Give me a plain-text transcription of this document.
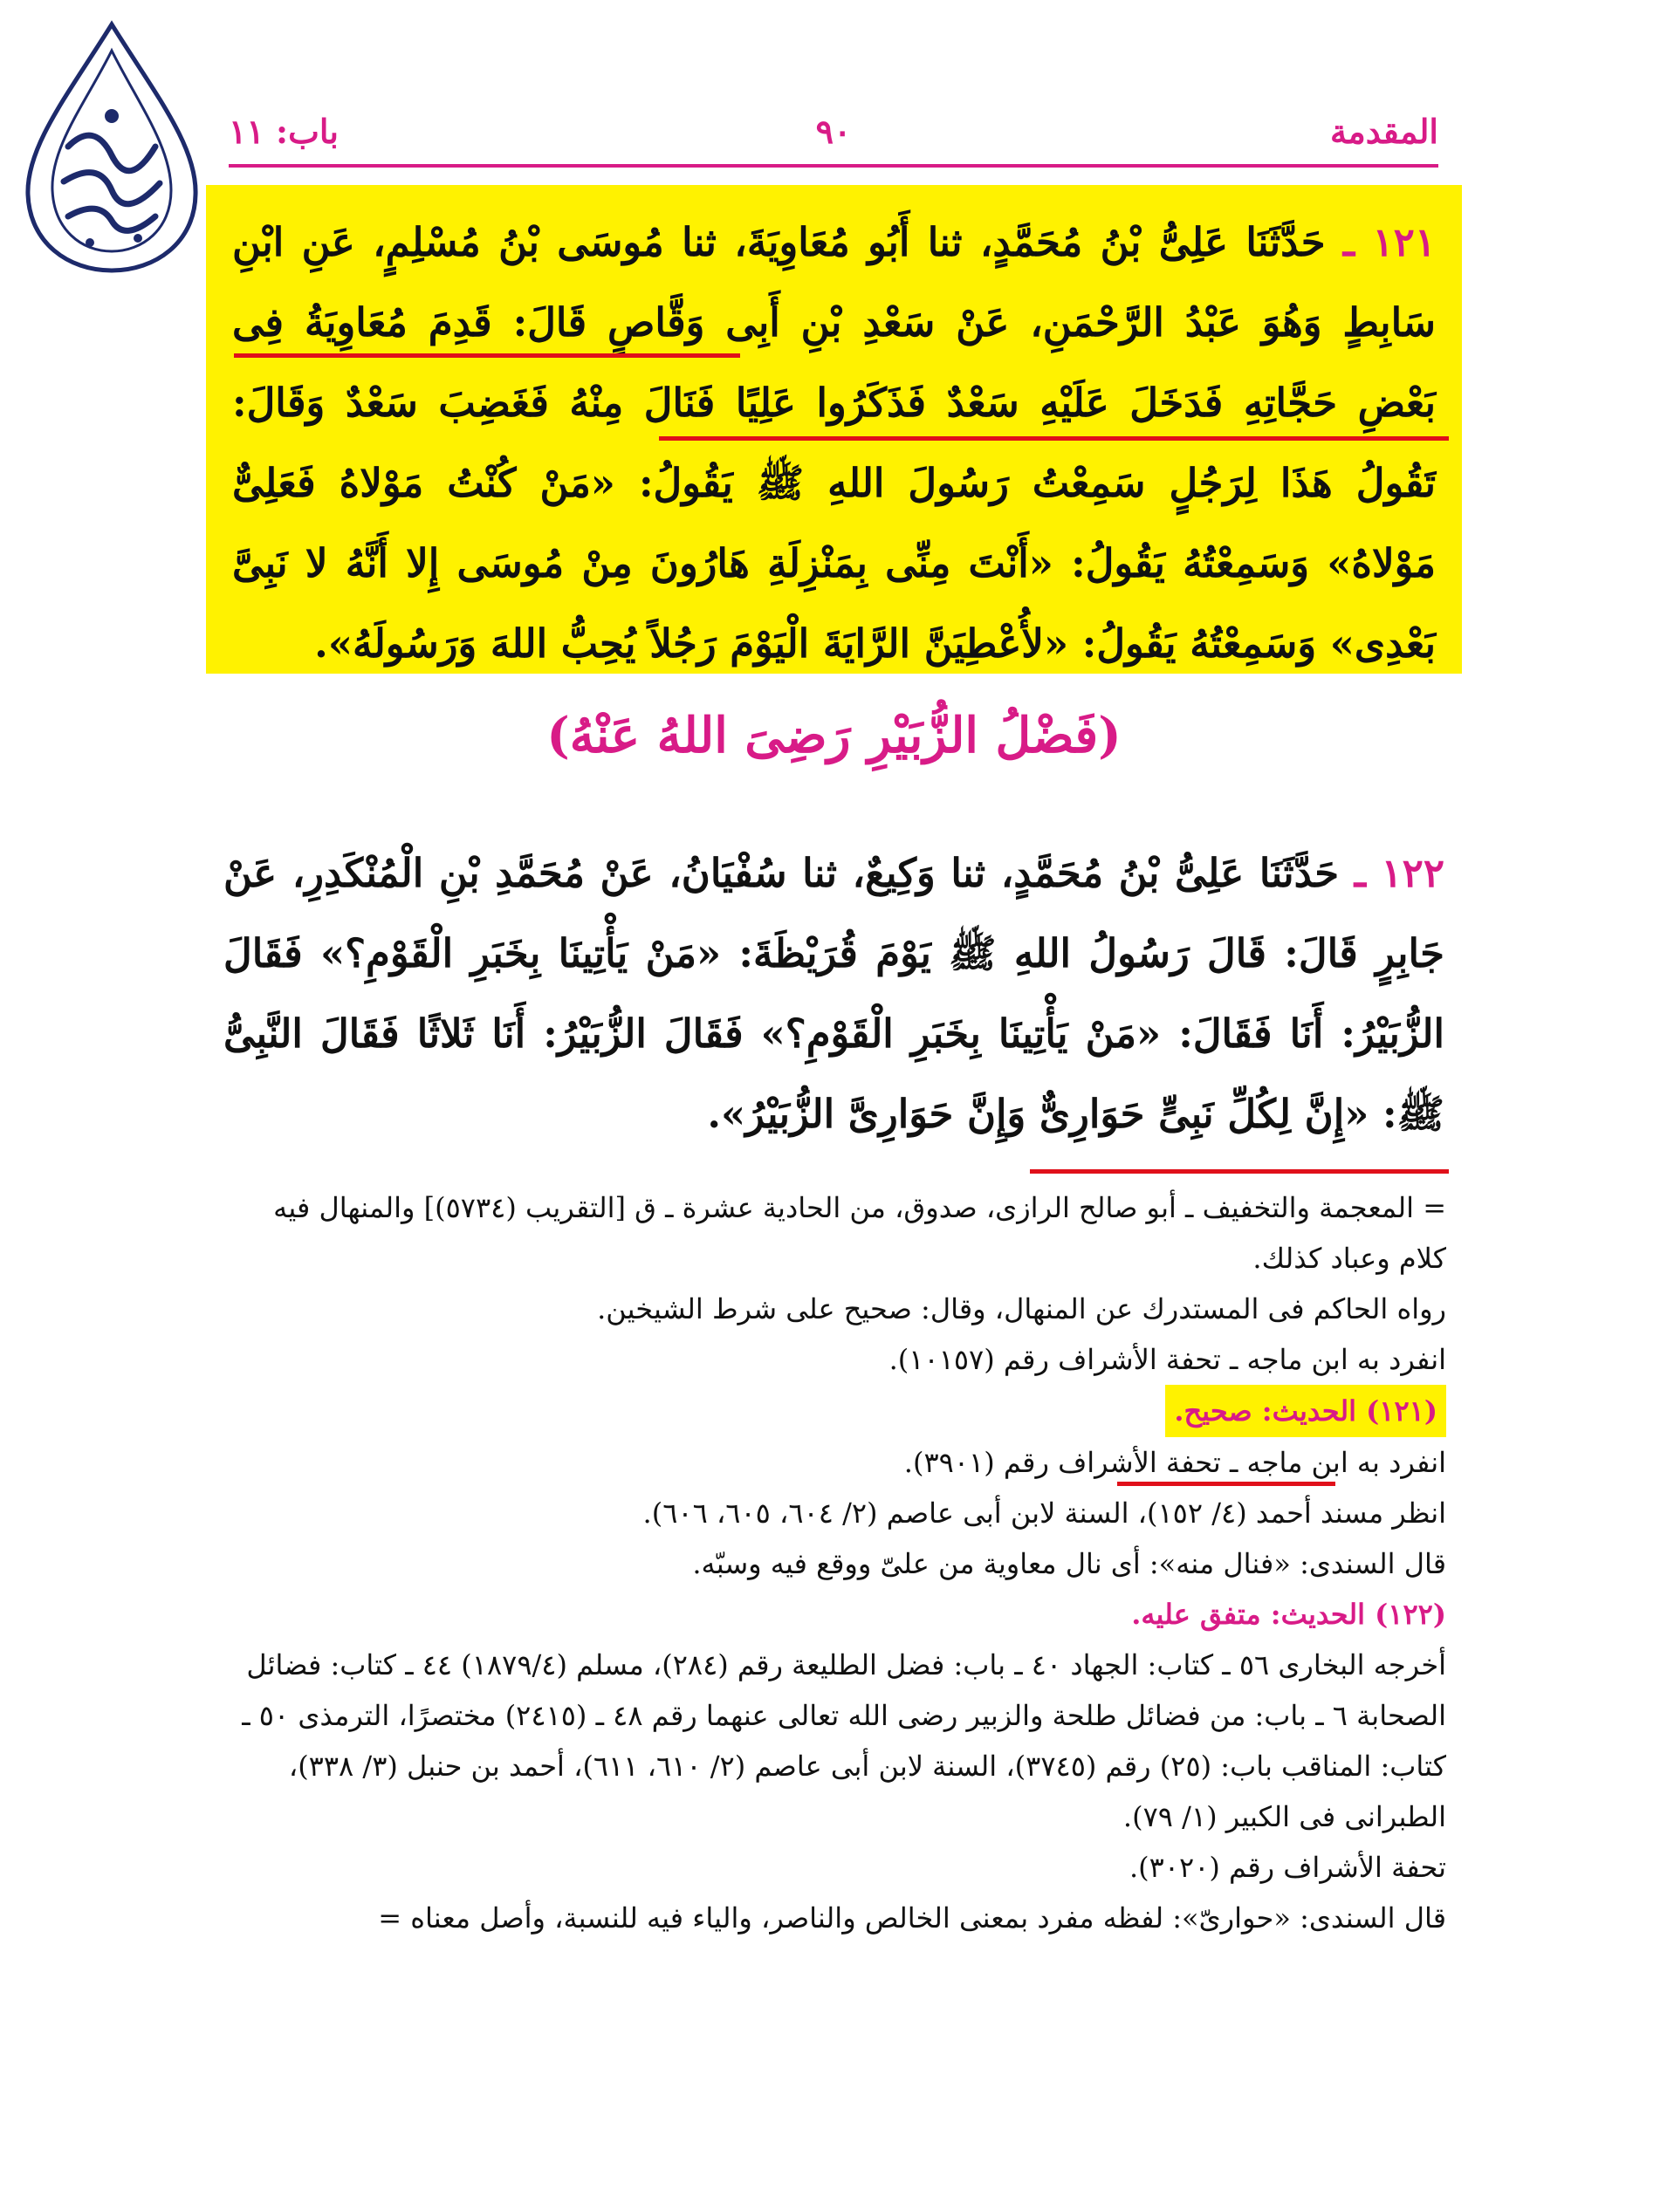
المقدمة
٩٠
باب: ١١
١٢١ ـ حَدَّثَنَا عَلِىُّ بْنُ مُحَمَّدٍ، ثنا أَبُو مُعَاوِيَةَ، ثنا مُوسَى بْنُ مُسْلِمٍ، عَنِ ابْنِ سَابِطٍ وَهُوَ عَبْدُ الرَّحْمَنِ، عَنْ سَعْدِ بْنِ أَبِى وَقَّاصٍ قَالَ: قَدِمَ مُعَاوِيَةُ فِى بَعْضِ حَجَّاتِهِ فَدَخَلَ عَلَيْهِ سَعْدٌ فَذَكَرُوا عَلِيًا فَنَالَ مِنْهُ فَغَضِبَ سَعْدٌ وَقَالَ: تَقُولُ هَذَا لِرَجُلٍ سَمِعْتُ رَسُولَ اللهِ ﷺ يَقُولُ: «مَنْ كُنْتُ مَوْلاهُ فَعَلِىٌّ مَوْلاهُ» وَسَمِعْتُهُ يَقُولُ: «أَنْتَ مِنِّى بِمَنْزِلَةِ هَارُونَ مِنْ مُوسَى إِلا أَنَّهُ لا نَبِىَّ بَعْدِى» وَسَمِعْتُهُ يَقُولُ: «لأُعْطِيَنَّ الرَّايَةَ الْيَوْمَ رَجُلاً يُحِبُّ اللهَ وَرَسُولَهُ».
(فَضْلُ الزُّبَيْرِ رَضِىَ اللهُ عَنْهُ)
١٢٢ ـ حَدَّثَنَا عَلِىُّ بْنُ مُحَمَّدٍ، ثنا وَكِيعٌ، ثنا سُفْيَانُ، عَنْ مُحَمَّدِ بْنِ الْمُنْكَدِرِ، عَنْ جَابِرٍ قَالَ: قَالَ رَسُولُ اللهِ ﷺ يَوْمَ قُرَيْظَةَ: «مَنْ يَأْتِينَا بِخَبَرِ الْقَوْمِ؟» فَقَالَ الزُّبَيْرُ: أَنَا فَقَالَ: «مَنْ يَأْتِينَا بِخَبَرِ الْقَوْمِ؟» فَقَالَ الزُّبَيْرُ: أَنَا ثَلاثًا فَقَالَ النَّبِىُّ ﷺ: «إِنَّ لِكُلِّ نَبِىٍّ حَوَارِىٌّ وَإِنَّ حَوَارِىَّ الزُّبَيْرُ».

= المعجمة والتخفيف ـ أبو صالح الرازى، صدوق، من الحادية عشرة ـ ق [التقريب (٥٧٣٤)] والمنهال فيه كلام وعباد كذلك.

رواه الحاكم فى المستدرك عن المنهال، وقال: صحيح على شرط الشيخين.

انفرد به ابن ماجه ـ تحفة الأشراف رقم (١٠١٥٧).

(١٢١) الحديث: صحيح.

انفرد به ابن ماجه ـ تحفة الأشراف رقم (٣٩٠١).

انظر مسند أحمد (٤/ ١٥٢)، السنة لابن أبى عاصم (٢/ ٦٠٤، ٦٠٥، ٦٠٦).

قال السندى: «فنال منه»: أى نال معاوية من علىّ ووقع فيه وسبّه.

(١٢٢) الحديث: متفق عليه.

أخرجه البخارى ٥٦ ـ كتاب: الجهاد ٤٠ ـ باب: فضل الطليعة رقم (٢٨٤)، مسلم (١٨٧٩/٤) ٤٤ ـ كتاب: فضائل الصحابة ٦ ـ باب: من فضائل طلحة والزبير رضى الله تعالى عنهما رقم ٤٨ ـ (٢٤١٥) مختصرًا، الترمذى ٥٠ ـ كتاب: المناقب باب: (٢٥) رقم (٣٧٤٥)، السنة لابن أبى عاصم (٢/ ٦١٠، ٦١١)، أحمد بن حنبل (٣/ ٣٣٨)، الطبرانى فى الكبير (١/ ٧٩).

تحفة الأشراف رقم (٣٠٢٠).

قال السندى: «حوارىّ»: لفظه مفرد بمعنى الخالص والناصر، والياء فيه للنسبة، وأصل معناه =
